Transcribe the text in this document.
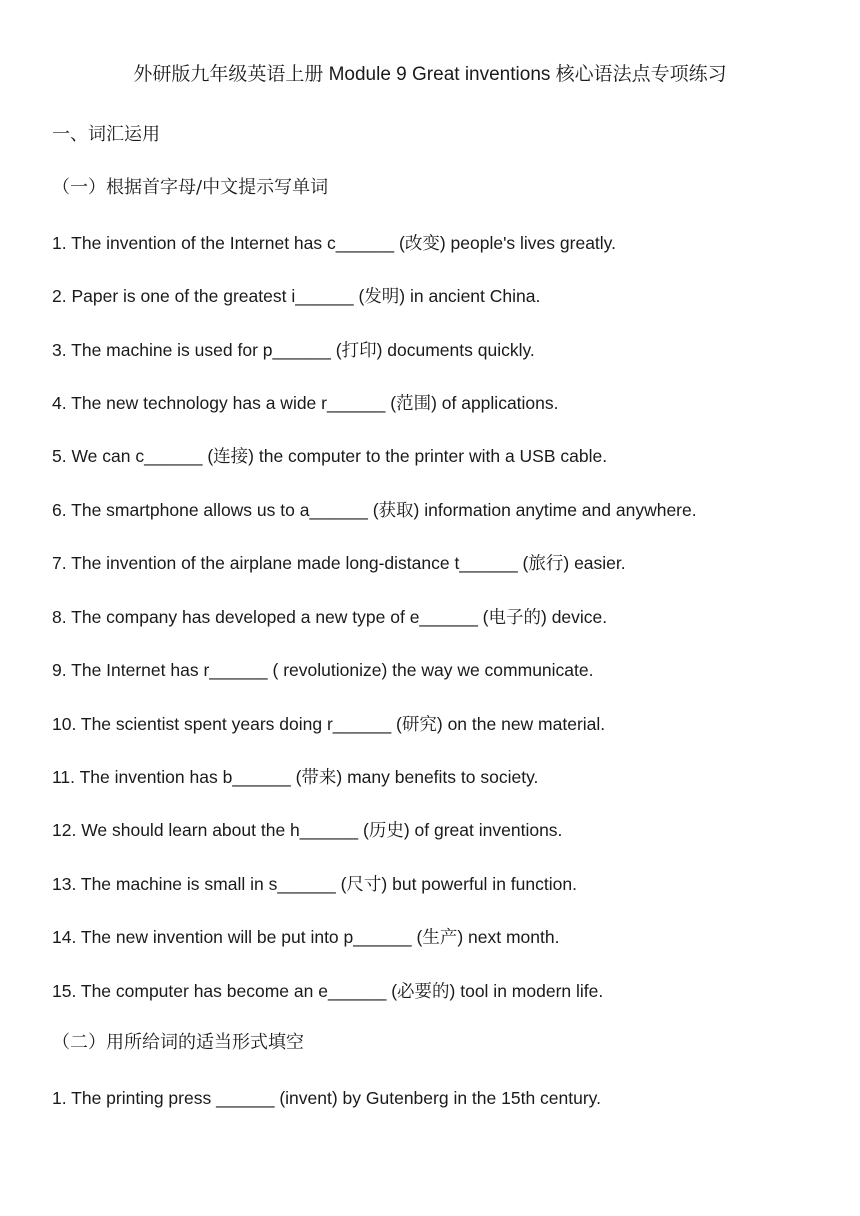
外研版九年级英语上册 Module 9 Great inventions 核心语法点专项练习
一、词汇运用
（一）根据首字母/中文提示写单词
1. The invention of the Internet has c______ (改变) people's lives greatly.
2. Paper is one of the greatest i______ (发明) in ancient China.
3. The machine is used for p______ (打印) documents quickly.
4. The new technology has a wide r______ (范围) of applications.
5. We can c______ (连接) the computer to the printer with a USB cable.
6. The smartphone allows us to a______ (获取) information anytime and anywhere.
7. The invention of the airplane made long-distance t______ (旅行) easier.
8. The company has developed a new type of e______ (电子的) device.
9. The Internet has r______ ( revolutionize) the way we communicate.
10. The scientist spent years doing r______ (研究) on the new material.
11. The invention has b______ (带来) many benefits to society.
12. We should learn about the h______ (历史) of great inventions.
13. The machine is small in s______ (尺寸) but powerful in function.
14. The new invention will be put into p______ (生产) next month.
15. The computer has become an e______ (必要的) tool in modern life.
（二）用所给词的适当形式填空
1. The printing press ______ (invent) by Gutenberg in the 15th century.
